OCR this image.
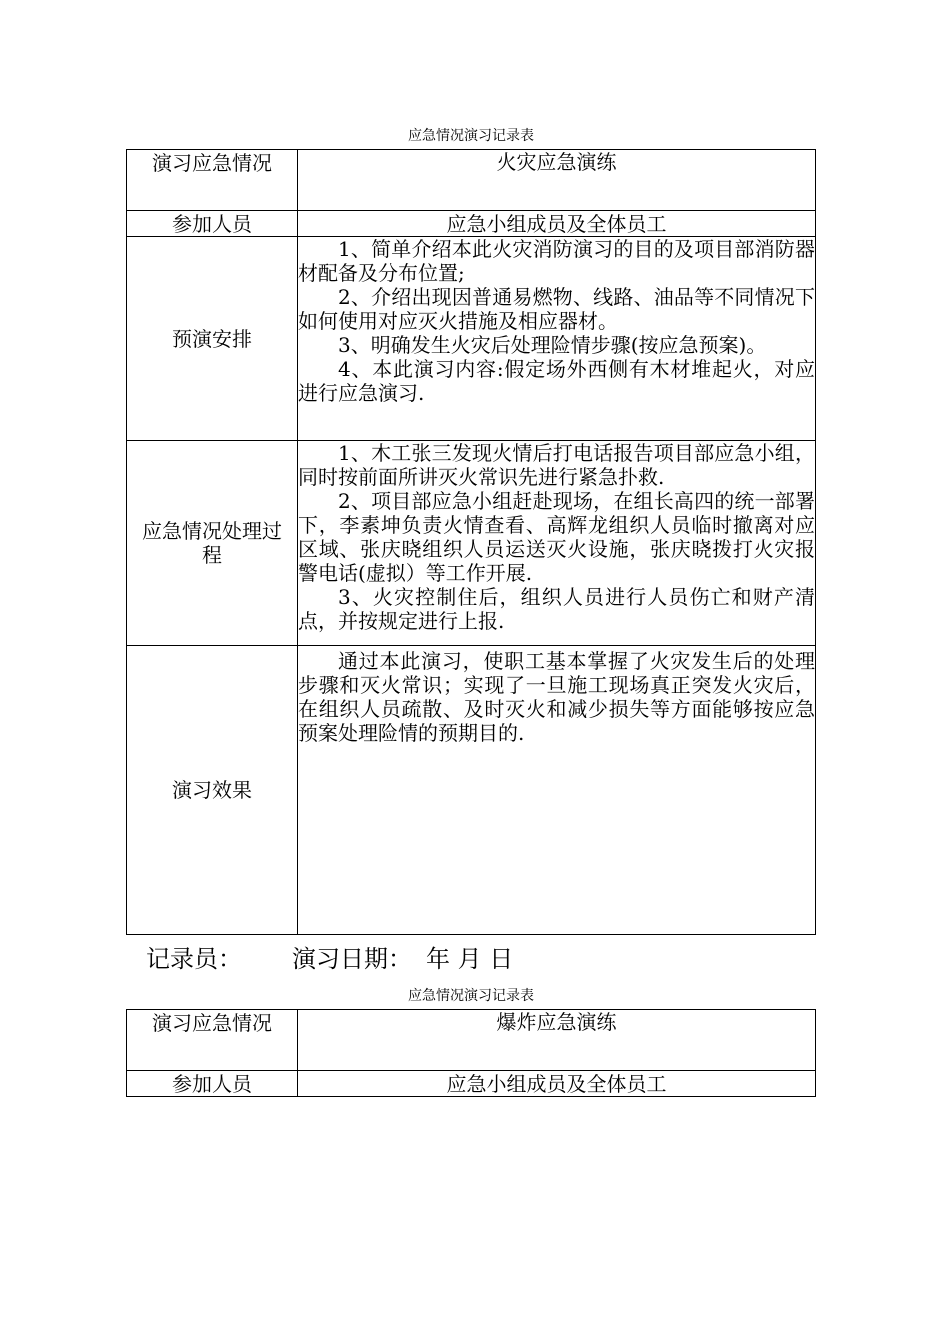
应急情况演习记录表
演习应急情况	火灾应急演练
参加人员	应急小组成员及全体员工
预演安排	1、简单介绍本此火灾消防演习的目的及项目部消防器材配备及分布位置;

2、介绍出现因普通易燃物、线路、油品等不同情况下如何使用对应灭火措施及相应器材。

3、明确发生火灾后处理险情步骤(按应急预案)。

4、本此演习内容:假定场外西侧有木材堆起火，对应进行应急演习.

应急情况处理过程	1、木工张三发现火情后打电话报告项目部应急小组，同时按前面所讲灭火常识先进行紧急扑救.

2、项目部应急小组赶赴现场，在组长高四的统一部署下，李素坤负责火情查看、高辉龙组织人员临时撤离对应区域、张庆晓组织人员运送灭火设施，张庆晓拨打火灾报警电话(虚拟）等工作开展.

3、火灾控制住后，组织人员进行人员伤亡和财产清点，并按规定进行上报.

演习效果	通过本此演习，使职工基本掌握了火灾发生后的处理步骤和灭火常识；实现了一旦施工现场真正突发火灾后，在组织人员疏散、及时灭火和减少损失等方面能够按应急预案处理险情的预期目的.

记录员： 演习日期： 年 月 日
应急情况演习记录表
演习应急情况	爆炸应急演练
参加人员	应急小组成员及全体员工
